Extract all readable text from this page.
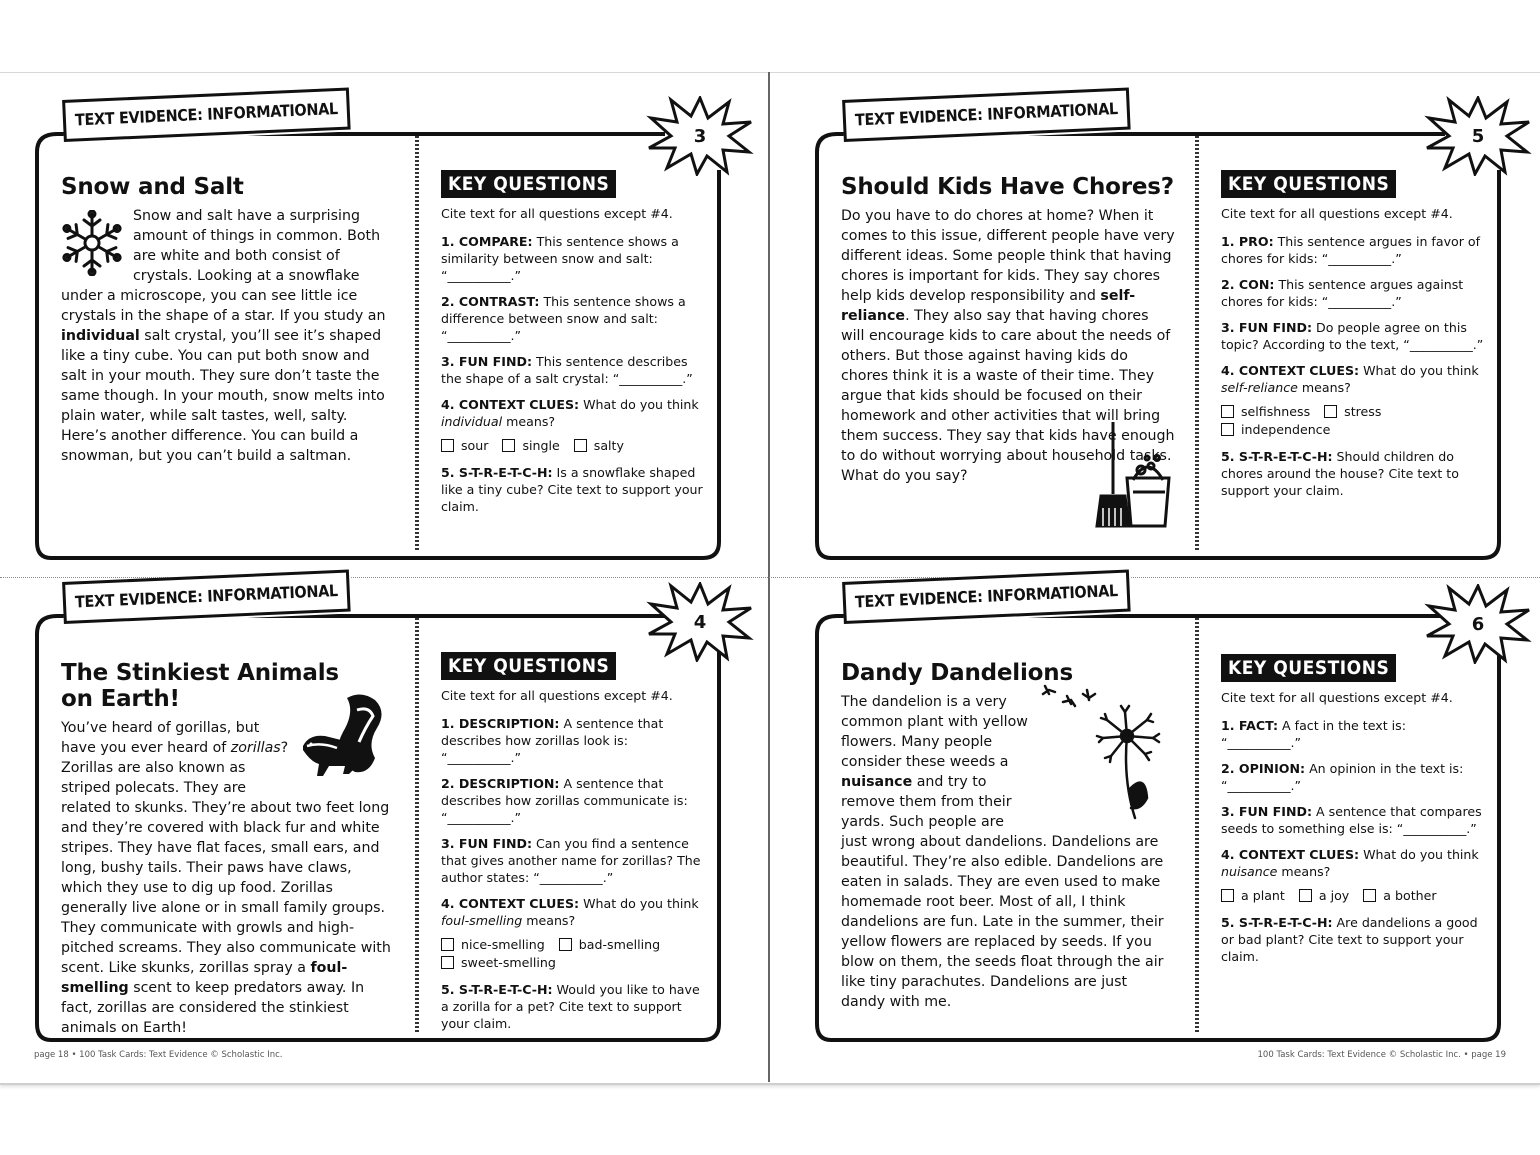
TEXT EVIDENCE: INFORMATIONAL
3
Snow and Salt

Snow and salt have a surprising amount of things in common. Both are white and both consist of crystals. Looking at a snowflake under a microscope, you can see little ice crystals in the shape of a star. If you study an individual salt crystal, you’ll see it’s shaped like a tiny cube. You can put both snow and salt in your mouth. They sure don’t taste the same though. In your mouth, snow melts into plain water, while salt tastes, well, salty. Here’s another difference. You can build a snowman, but you can’t build a saltman.

KEY QUESTIONS
Cite text for all questions except #4.

1. COMPARE: This sentence shows a similarity between snow and salt: “__________.”

2. CONTRAST: This sentence shows a difference between snow and salt: “__________.”

3. FUN FIND: This sentence describes the shape of a salt crystal: “__________.”

4. CONTEXT CLUES: What do you think individual means?

sour	single	salty

5. S-T-R-E-T-C-H: Is a snowflake shaped like a tiny cube? Cite text to support your claim.

TEXT EVIDENCE: INFORMATIONAL
5
Should Kids Have Chores?

Do you have to do chores at home? When it comes to this issue, different people have very different ideas. Some people think that having chores is important for kids. They say chores help kids develop responsibility and self-reliance. They also say that having chores will encourage kids to care about the needs of others. But those against having kids do chores think it is a waste of their time. They argue that kids should be focused on their homework and other activities that will bring them success. They say that kids have enough to do without worrying about household tasks. What do you say?

KEY QUESTIONS
Cite text for all questions except #4.

1. PRO: This sentence argues in favor of chores for kids: “__________.”

2. CON: This sentence argues against chores for kids: “__________.”

3. FUN FIND: Do people agree on this topic? According to the text, “__________.”

4. CONTEXT CLUES: What do you think self-reliance means?

selfishness	stress
independence

5. S-T-R-E-T-C-H: Should children do chores around the house? Cite text to support your claim.

TEXT EVIDENCE: INFORMATIONAL
4
The Stinkiest Animals on Earth!

You’ve heard of gorillas, but have you ever heard of zorillas? Zorillas are also known as striped polecats. They are related to skunks. They’re about two feet long and they’re covered with black fur and white stripes. They have flat faces, small ears, and long, bushy tails. Their paws have claws, which they use to dig up food. Zorillas generally live alone or in small family groups. They communicate with growls and high-pitched screams. They also communicate with scent. Like skunks, zorillas spray a foul-smelling scent to keep predators away. In fact, zorillas are considered the stinkiest animals on Earth!

KEY QUESTIONS
Cite text for all questions except #4.

1. DESCRIPTION: A sentence that describes how zorillas look is: “__________.”

2. DESCRIPTION: A sentence that describes how zorillas communicate is: “__________.”

3. FUN FIND: Can you find a sentence that gives another name for zorillas? The author states: “__________.”

4. CONTEXT CLUES: What do you think foul-smelling means?

nice-smelling	bad-smelling
sweet-smelling

5. S-T-R-E-T-C-H: Would you like to have a zorilla for a pet? Cite text to support your claim.

TEXT EVIDENCE: INFORMATIONAL
6
Dandy Dandelions

The dandelion is a very common plant with yellow flowers. Many people consider these weeds a nuisance and try to remove them from their yards. Such people are just wrong about dandelions. Dandelions are beautiful. They’re also edible. Dandelions are eaten in salads. They are even used to make homemade root beer. Most of all, I think dandelions are fun. Late in the summer, their yellow flowers are replaced by seeds. If you blow on them, the seeds float through the air like tiny parachutes. Dandelions are just dandy with me.

KEY QUESTIONS
Cite text for all questions except #4.

1. FACT: A fact in the text is: “__________.”

2. OPINION: An opinion in the text is: “__________.”

3. FUN FIND: A sentence that compares seeds to something else is: “__________.”

4. CONTEXT CLUES: What do you think nuisance means?

a plant	a joy	a bother

5. S-T-R-E-T-C-H: Are dandelions a good or bad plant? Cite text to support your claim.

page 18 • 100 Task Cards: Text Evidence © Scholastic Inc.	100 Task Cards: Text Evidence © Scholastic Inc. • page 19
